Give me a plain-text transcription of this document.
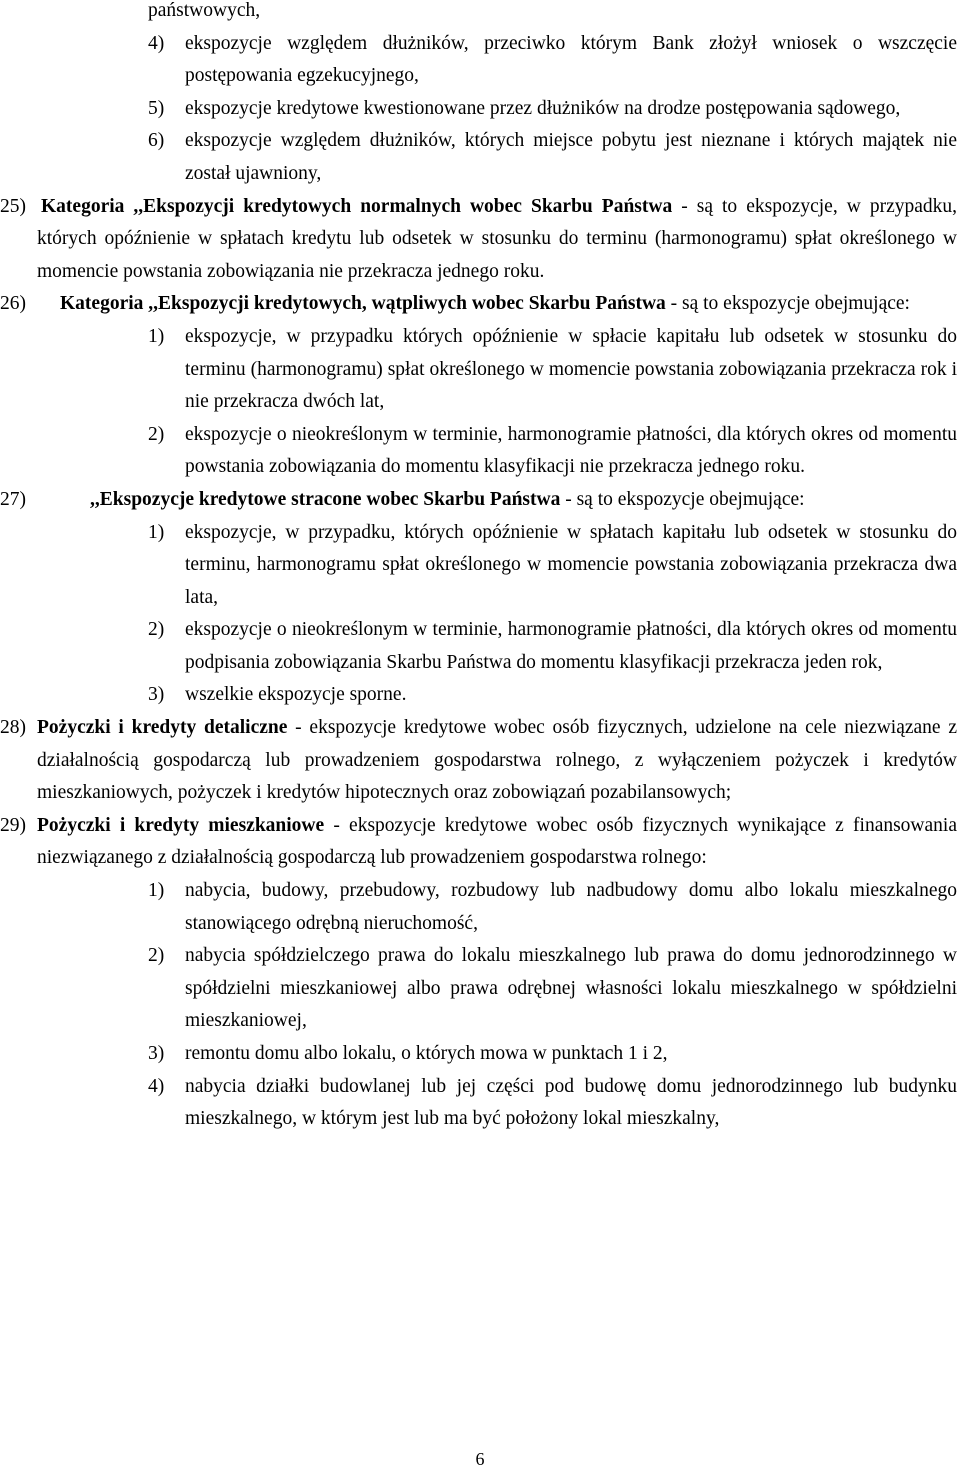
państwowych,

4) ekspozycje względem dłużników, przeciwko którym Bank złożył wniosek o wszczęcie postępowania egzekucyjnego,

5) ekspozycje kredytowe kwestionowane przez dłużników na drodze postępowania sądowego,

6) ekspozycje względem dłużników, których miejsce pobytu jest nieznane i których majątek nie został ujawniony,

25) Kategoria ,,Ekspozycji kredytowych normalnych wobec Skarbu Państwa - są to ekspozycje, w przypadku, których opóźnienie w spłatach kredytu lub odsetek w stosunku do terminu (harmonogramu) spłat określonego w momencie powstania zobowiązania nie przekracza jednego roku.

26) Kategoria ,,Ekspozycji kredytowych, wątpliwych wobec Skarbu Państwa - są to ekspozycje obejmujące:

1) ekspozycje, w przypadku których opóźnienie w spłacie kapitału lub odsetek w stosunku do terminu (harmonogramu) spłat określonego w momencie powstania zobowiązania przekracza rok i nie przekracza dwóch lat,

2) ekspozycje o nieokreślonym w terminie, harmonogramie płatności, dla których okres od momentu powstania zobowiązania do momentu klasyfikacji nie przekracza jednego roku.

27)	,,Ekspozycje kredytowe stracone wobec Skarbu Państwa - są to ekspozycje obejmujące:

1) ekspozycje, w przypadku, których opóźnienie w spłatach kapitału lub odsetek w stosunku do terminu, harmonogramu spłat określonego w momencie powstania zobowiązania przekracza dwa lata,

2) ekspozycje o nieokreślonym w terminie, harmonogramie płatności, dla których okres od momentu podpisania zobowiązania Skarbu Państwa do momentu klasyfikacji przekracza jeden rok,

3) wszelkie ekspozycje sporne.

28) Pożyczki i kredyty detaliczne - ekspozycje kredytowe wobec osób fizycznych, udzielone na cele niezwiązane z działalnością gospodarczą lub prowadzeniem gospodarstwa rolnego, z wyłączeniem pożyczek i kredytów mieszkaniowych, pożyczek i kredytów hipotecznych oraz zobowiązań pozabilansowych;

29) Pożyczki i kredyty mieszkaniowe - ekspozycje kredytowe wobec osób fizycznych wynikające z finansowania niezwiązanego z działalnością gospodarczą lub prowadzeniem gospodarstwa rolnego:

1) nabycia, budowy, przebudowy, rozbudowy lub nadbudowy domu albo lokalu mieszkalnego stanowiącego odrębną nieruchomość,

2) nabycia spółdzielczego prawa do lokalu mieszkalnego lub prawa do domu jednorodzinnego w spółdzielni mieszkaniowej albo prawa odrębnej własności lokalu mieszkalnego w spółdzielni mieszkaniowej,

3) remontu domu albo lokalu, o których mowa w punktach 1 i 2,

4) nabycia działki budowlanej lub jej części pod budowę domu jednorodzinnego lub budynku mieszkalnego, w którym jest lub ma być położony lokal mieszkalny,

6
